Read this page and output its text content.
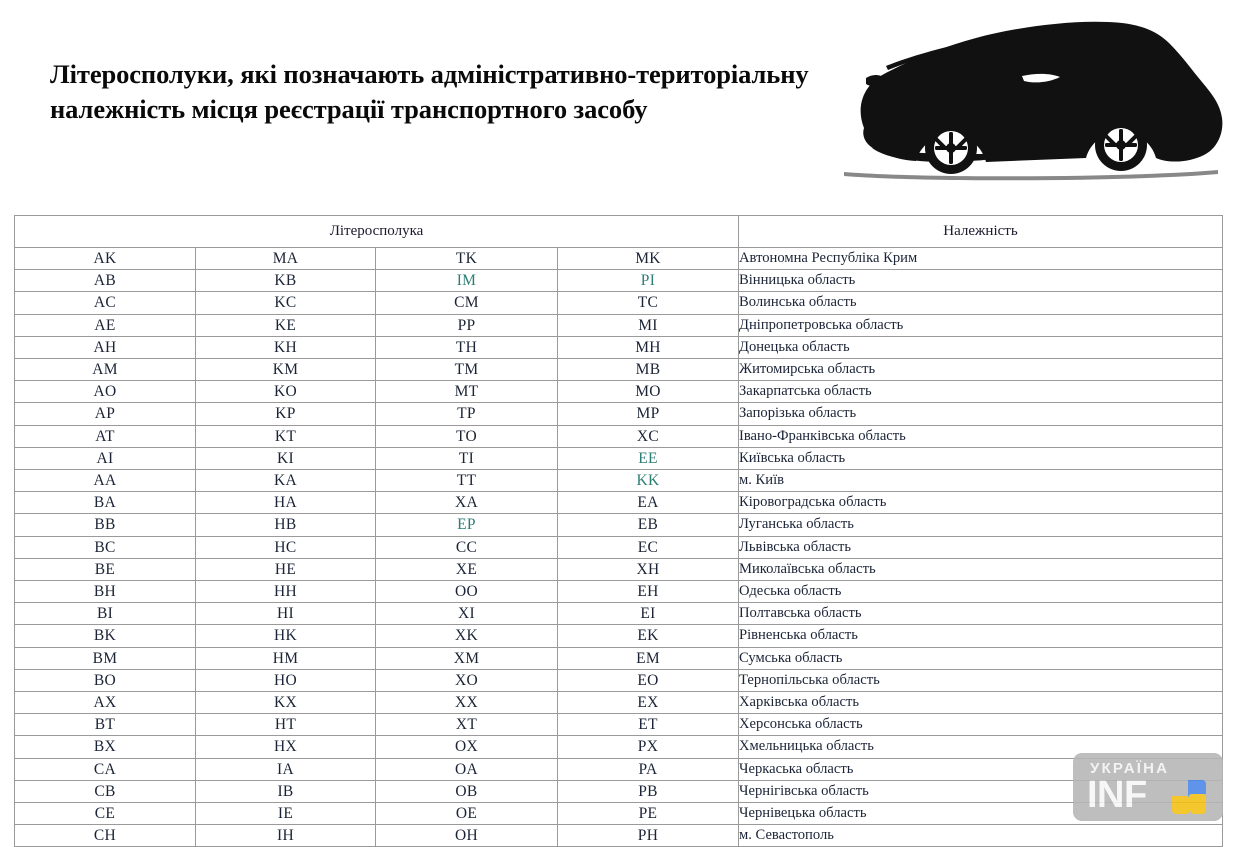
Літеросполуки, які позначають адміністративно-територіальну належність місця реєстрації транспортного засобу
Літеросполука				Належність

AK	MA	TK	MK	Автономна Республіка Крим
AB	KB	IM	PI	Вінницька область
AC	KC	CM	TC	Волинська область
AE	KE	PP	MI	Дніпропетровська область
AH	KH	TH	MH	Донецька область
AM	KM	TM	MB	Житомирська область
AO	KO	MT	MO	Закарпатська область
AP	KP	TP	MP	Запорізька область
AT	KT	TO	XC	Івано-Франківська область
AI	KI	TI	EE	Київська область
AA	KA	TT	KK	м. Київ
BA	HA	XA	EA	Кіровоградська область
BB	HB	EP	EB	Луганська область
BC	HC	CC	EC	Львівська область
BE	HE	XE	XH	Миколаївська область
BH	HH	OO	EH	Одеська область
BI	HI	XI	EI	Полтавська область
BK	HK	XK	EK	Рівненська область
BM	HM	XM	EM	Сумська область
BO	HO	XO	EO	Тернопільська область
AX	KX	XX	EX	Харківська область
BT	HT	XT	ET	Херсонська область
BX	HX	OX	PX	Хмельницька область
CA	IA	OA	PA	Черкаська область
CB	IB	OB	PB	Чернігівська область
CE	IE	OE	PE	Чернівецька область
CH	IH	OH	PH	м. Севастополь
УКРАЇНА
INF
